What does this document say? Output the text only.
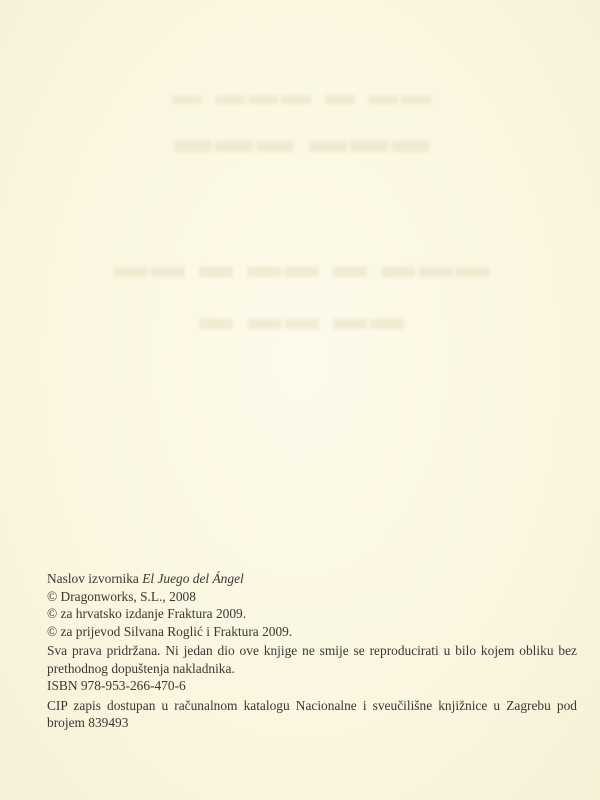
▬▬ ▬ ▬▬▬ ▬
▬▬▬ ▬▬▬
▬▬▬ ▬ ▬▬ ▬ ▬▬
▬▬ ▬▬ ▬

Naslov izvornika El Juego del Ángel

© Dragonworks, S.L., 2008

© za hrvatsko izdanje Fraktura 2009.

© za prijevod Silvana Roglić i Fraktura 2009.

Sva prava pridržana. Ni jedan dio ove knjige ne smije se reproducirati u bilo kojem obliku bez prethodnog dopuštenja nakladnika.

ISBN 978-953-266-470-6

CIP zapis dostupan u računalnom katalogu Nacionalne i sveučilišne knjižnice u Zagrebu pod brojem 839493
